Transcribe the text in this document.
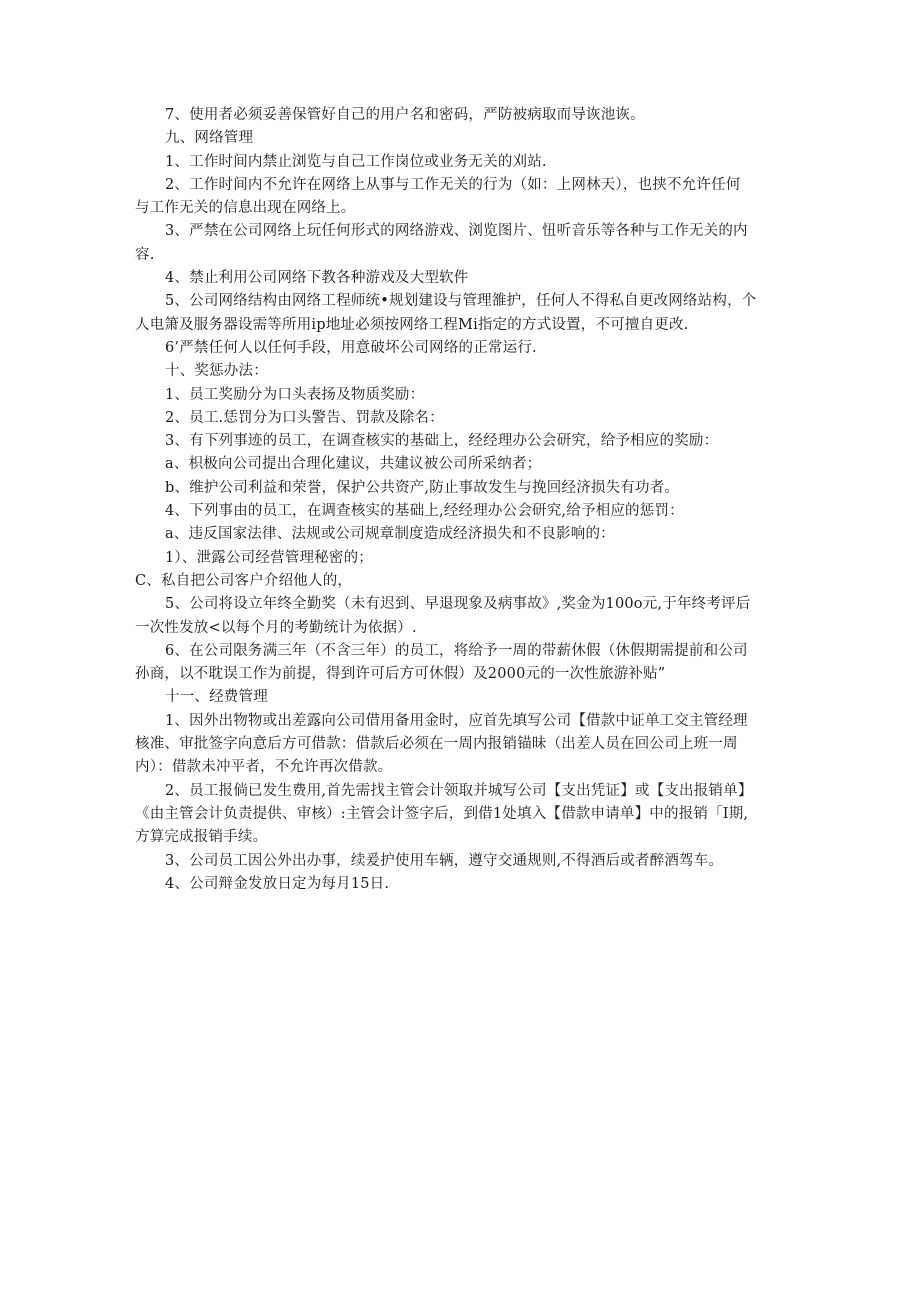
7、使用者必须妥善保管好自己的用户名和密码，严防被病取而导诙池诙。
九、网络管理
1、工作时间内禁止浏览与自己工作岗位或业务无关的刈站.
2、工作时间内不允许在网络上从事与工作无关的行为（如：上网林天），也挟不允许任何
与工作无关的信息出现在网络上。
3、严禁在公司网络上玩任何形式的网络游戏、浏览图片、忸听音乐等各种与工作无关的内
容.
4、禁止利用公司网络下教各种游戏及大型软件
5、公司网络结构由网络工程师统•规划建设与管理雒护，任何人不得私自更改网络站构，个
人电箫及服务器设需等所用ip地址必须按网络工程Mi指定的方式设置，不可擅自更改.
6’严禁任何人以任何手段，用意破坏公司网络的正常运行.
十、奖惩办法：
1、员工奖励分为口头表扬及物质奖励：
2、员工.恁罚分为口头警告、罚款及除名：
3、有下列事迹的员工，在调查核实的基础上，经经理办公会研究，给予相应的奖励：
a、枳极向公司提出合理化建议，共建议被公司所采纳者；
b、维护公司利益和荣誉，保护公共资产,防止事故发生与挽回经济损失有功者。
4、下列事由的员工，在调查核实的基础上,经经理办公会研究,给予相应的惩罚：
a、违反国家法律、法规或公司规章制度造成经济损失和不良影响的：
1）、泄露公司经营管理秘密的；
C、私自把公司客户介绍他人的，
5、公司将设立年终全勤奖（未有迟到、早退现象及病事故》,奖金为100o元,于年终考评后
一次性发放<以每个月的考勤统计为依据）.
6、在公司限务满三年（不含三年）的员工，将给予一周的带薪休假（休假期需提前和公司
孙商，以不耽误工作为前提，得到许可后方可休假）及2000元的一次性旅游补贴”
十一、经费管理
1、因外出物物或出差露向公司借用备用金时，应首先填写公司【借款中证单工交主管经理
核准、审批签字向意后方可借款：借款后必须在一周内报销锚昧（出差人员在回公司上班一周
内）：借款未冲平者，不允许再次借款。
2、员工报倘已发生费用,首先需找主管会计领取并城写公司【支出凭证】或【支出报销单】
《由主管会计负责提供、审核）:主管会计签字后，到借1处填入【借款申请单】中的报销「I期,
方算完成报销手续。
3、公司员工因公外出办事，续爰护使用车辆，遵守交通规则,不得酒后或者醉酒驾车。
4、公司辩金发放日定为每月15日.
